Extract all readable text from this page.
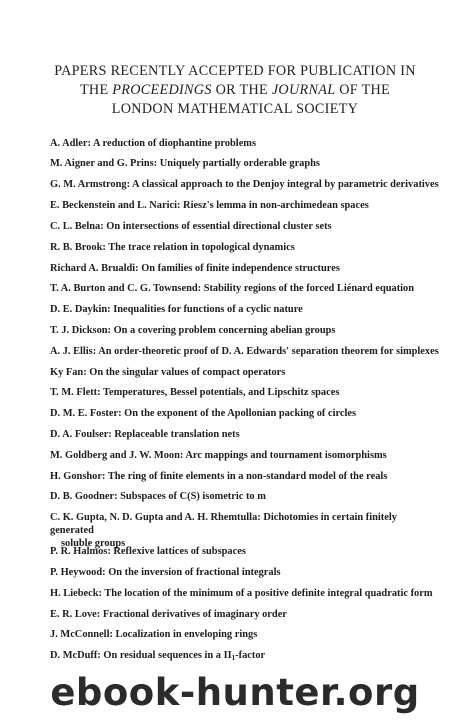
PAPERS RECENTLY ACCEPTED FOR PUBLICATION IN
THE PROCEEDINGS OR THE JOURNAL OF THE
LONDON MATHEMATICAL SOCIETY
A. Adler: A reduction of diophantine problems
M. Aigner and G. Prins: Uniquely partially orderable graphs
G. M. Armstrong: A classical approach to the Denjoy integral by parametric derivatives
E. Beckenstein and L. Narici: Riesz's lemma in non-archimedean spaces
C. L. Belna: On intersections of essential directional cluster sets
R. B. Brook: The trace relation in topological dynamics
Richard A. Brualdi: On families of finite independence structures
T. A. Burton and C. G. Townsend: Stability regions of the forced Liénard equation
D. E. Daykin: Inequalities for functions of a cyclic nature
T. J. Dickson: On a covering problem concerning abelian groups
A. J. Ellis: An order-theoretic proof of D. A. Edwards' separation theorem for simplexes
Ky Fan: On the singular values of compact operators
T. M. Flett: Temperatures, Bessel potentials, and Lipschitz spaces
D. M. E. Foster: On the exponent of the Apollonian packing of circles
D. A. Foulser: Replaceable translation nets
M. Goldberg and J. W. Moon: Arc mappings and tournament isomorphisms
H. Gonshor: The ring of finite elements in a non-standard model of the reals
D. B. Goodner: Subspaces of C(S) isometric to m
C. K. Gupta, N. D. Gupta and A. H. Rhemtulla: Dichotomies in certain finitely generated
soluble groups
P. R. Halmos: Reflexive lattices of subspaces
P. Heywood: On the inversion of fractional integrals
H. Liebeck: The location of the minimum of a positive definite integral quadratic form
E. R. Love: Fractional derivatives of imaginary order
J. McConnell: Localization in enveloping rings
D. McDuff: On residual sequences in a $II_1$-factor
ebook-hunter.org
